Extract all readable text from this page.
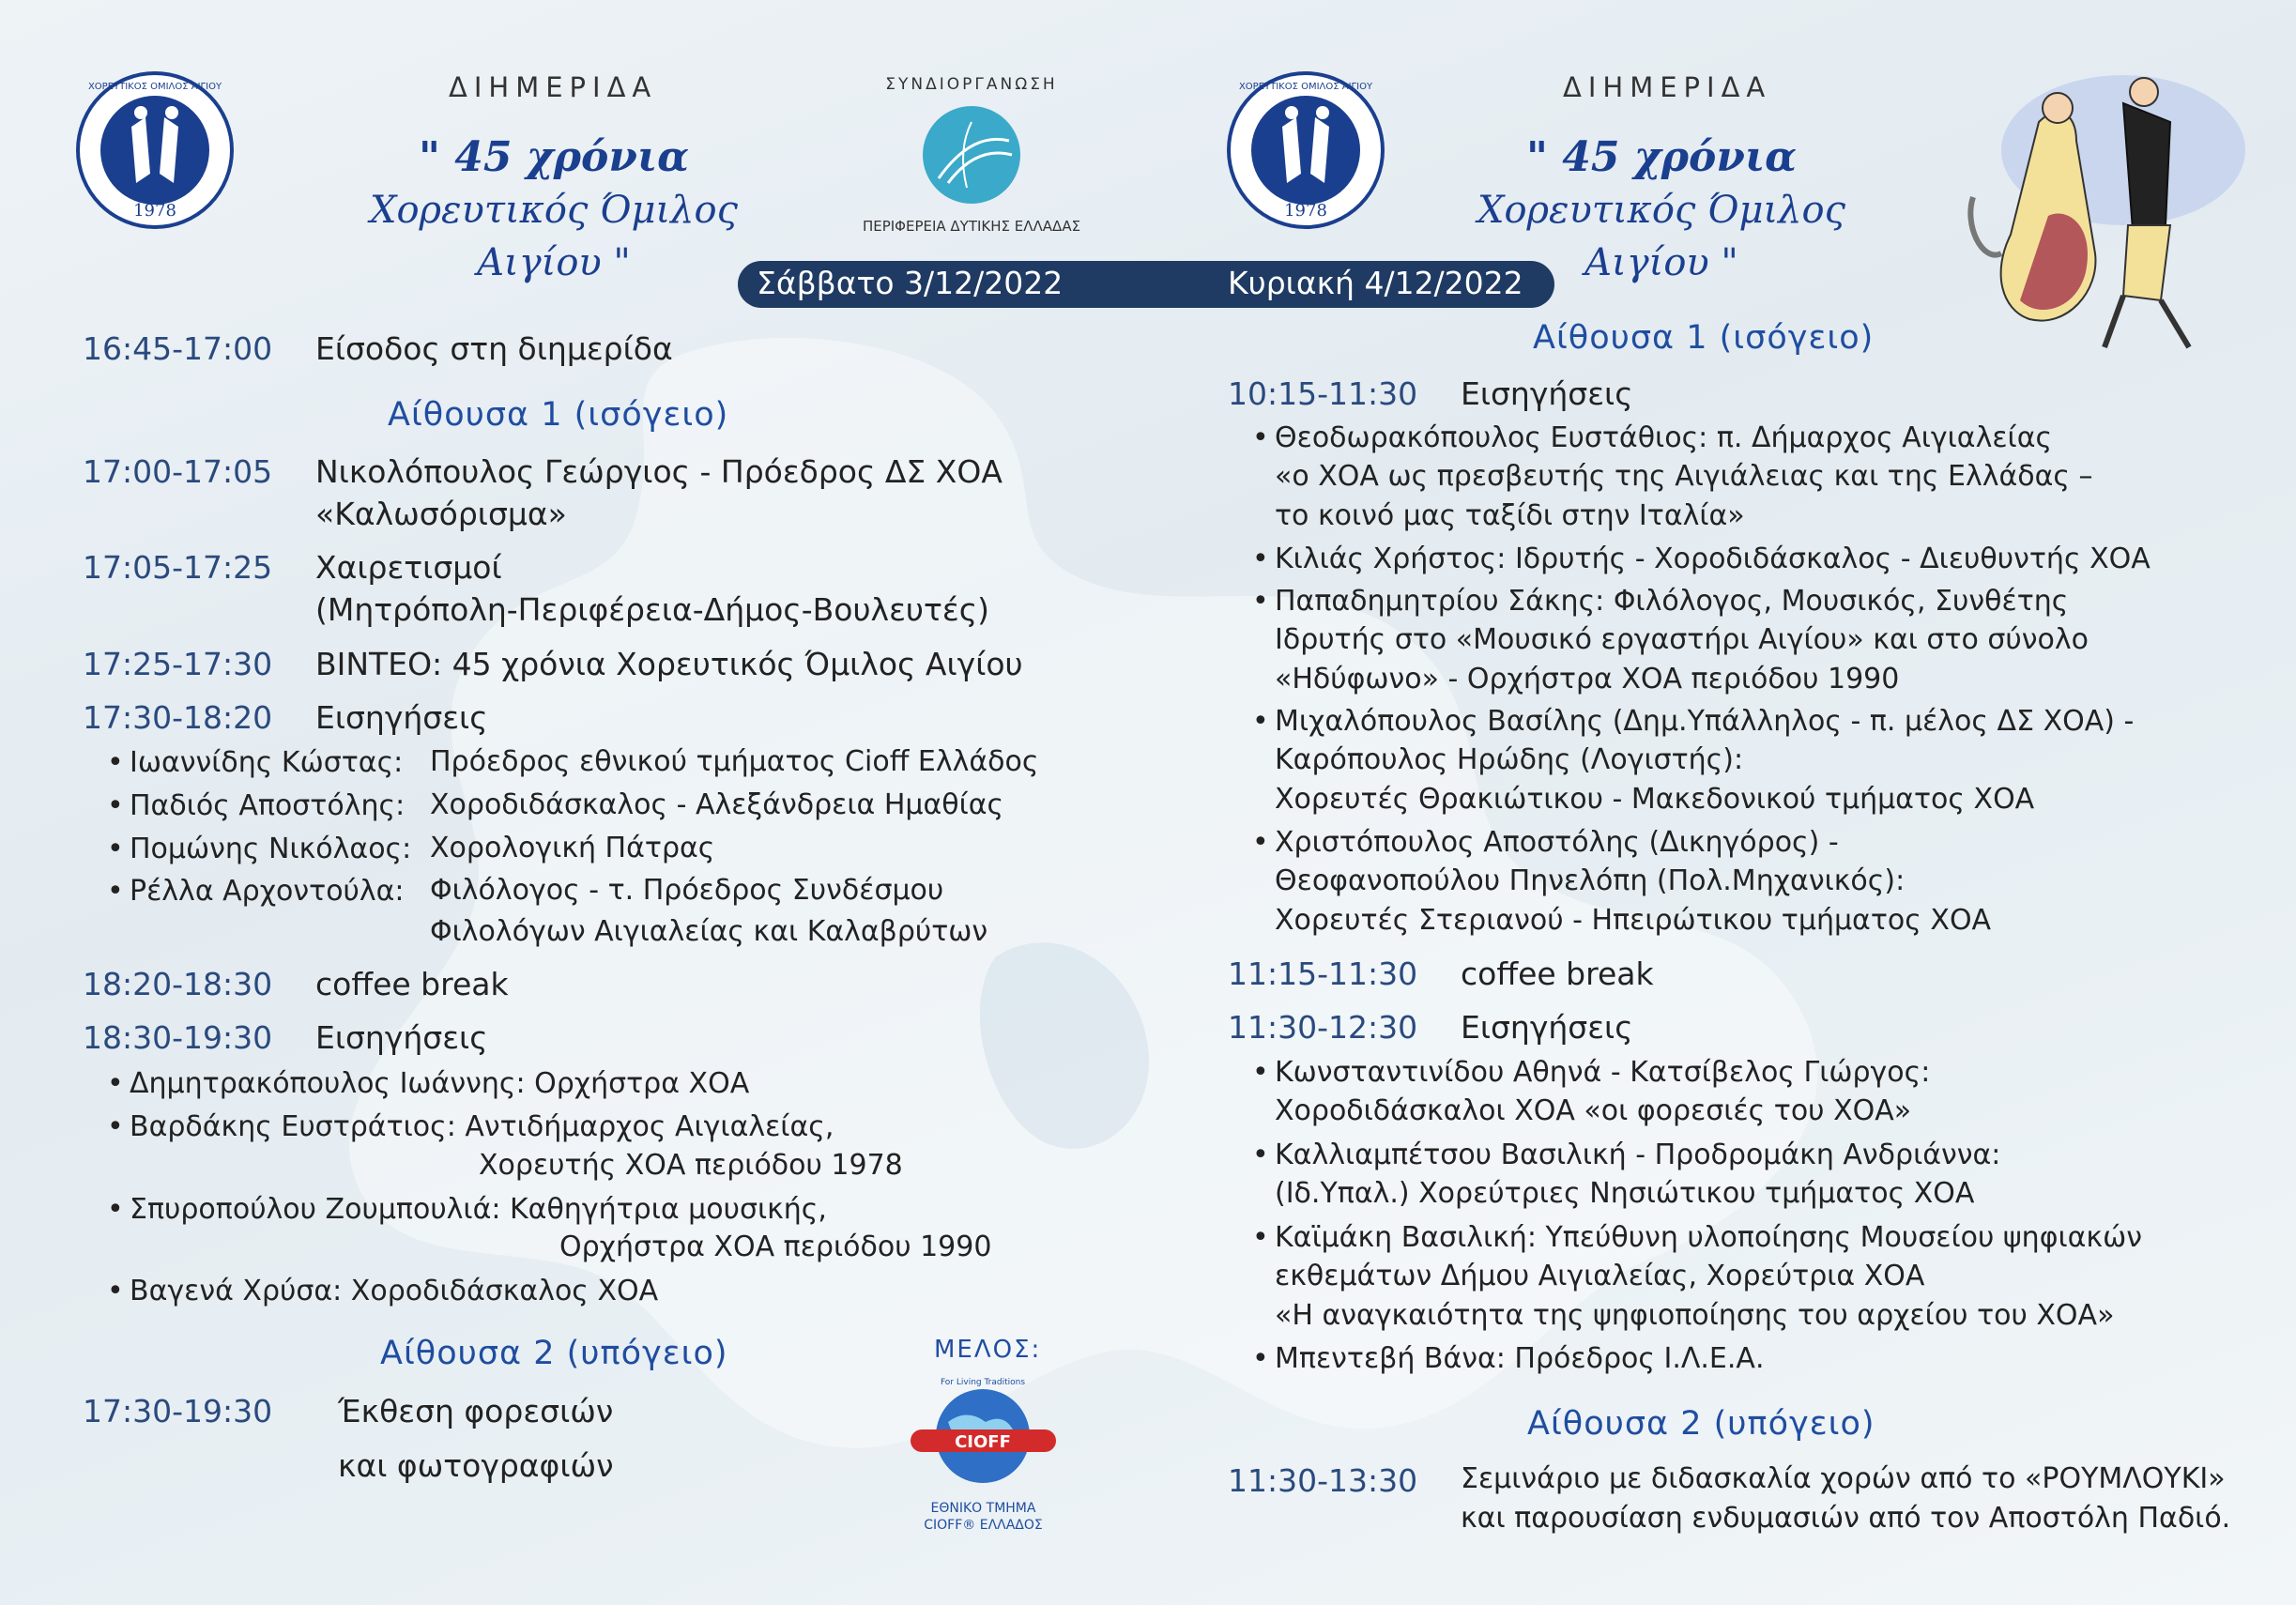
1978
ΧΟΡΕΥΤΙΚΟΣ ΟΜΙΛΟΣ ΑΙΓΙΟΥ	ΔΙΗΜΕΡΙΔΑ
" 45 χρόνια
Χορευτικός Όμιλος Αιγίου "
ΣΥΝΔΙΟΡΓΑΝΩΣΗ
ΠΕΡΙΦΕΡΕΙΑ ΔΥΤΙΚΗΣ ΕΛΛΑΔΑΣ
1978
ΧΟΡΕΥΤΙΚΟΣ ΟΜΙΛΟΣ ΑΙΓΙΟΥ	ΔΙΗΜΕΡΙΔΑ
" 45 χρόνια
Χορευτικός Όμιλος Αιγίου "
Σάββατο 3/12/2022	Κυριακή 4/12/2022
16:45-17:00 Είσοδος στη διημερίδα
Αίθουσα 1 (ισόγειο)
17:00-17:05 Νικολόπουλος Γεώργιος - Πρόεδρος ΔΣ ΧΟΑ
«Καλωσόρισμα»
17:05-17:25 Χαιρετισμοί
(Μητρόπολη-Περιφέρεια-Δήμος-Βουλευτές)
17:25-17:30 ΒΙΝΤΕΟ: 45 χρόνια Χορευτικός Όμιλος Αιγίου
17:30-18:20 Εισηγήσεις
• Ιωαννίδης Κώστας: Πρόεδρος εθνικού τμήματος Cioff Ελλάδος
• Παδιός Αποστόλης: Χοροδιδάσκαλος - Αλεξάνδρεια Ημαθίας
• Πομώνης Νικόλαος: Χορολογική Πάτρας
• Ρέλλα Αρχοντούλα: Φιλόλογος - τ. Πρόεδρος Συνδέσμου
Φιλολόγων Αιγιαλείας και Καλαβρύτων
18:20-18:30 coffee break
18:30-19:30 Εισηγήσεις
• Δημητρακόπουλος Ιωάννης: Ορχήστρα ΧΟΑ
• Βαρδάκης Ευστράτιος: Αντιδήμαρχος Αιγιαλείας,
Χορευτής ΧΟΑ περιόδου 1978
• Σπυροπούλου Ζουμπουλιά: Καθηγήτρια μουσικής,
Ορχήστρα ΧΟΑ περιόδου 1990
• Βαγενά Χρύσα: Χοροδιδάσκαλος ΧΟΑ
Αίθουσα 2 (υπόγειο)
17:30-19:30 Έκθεση φορεσιών
και φωτογραφιών
ΜΕΛΟΣ:
For Living Traditions
CIOFF
ΕΘΝΙΚΟ ΤΜΗΜΑ
CIOFF® ΕΛΛΑΔΟΣ
Αίθουσα 1 (ισόγειο)
10:15-11:30 Εισηγήσεις
• Θεοδωρακόπουλος Ευστάθιος: π. Δήμαρχος Αιγιαλείας
«ο ΧΟΑ ως πρεσβευτής της Αιγιάλειας και της Ελλάδας –
το κοινό μας ταξίδι στην Ιταλία»
• Κιλιάς Χρήστος: Ιδρυτής - Χοροδιδάσκαλος - Διευθυντής ΧΟΑ
• Παπαδημητρίου Σάκης: Φιλόλογος, Μουσικός, Συνθέτης
Ιδρυτής στο «Μουσικό εργαστήρι Αιγίου» και στο σύνολο
«Ηδύφωνο» - Ορχήστρα ΧΟΑ περιόδου 1990
• Μιχαλόπουλος Βασίλης (Δημ.Υπάλληλος - π. μέλος ΔΣ ΧΟΑ) -
Καρόπουλος Ηρώδης (Λογιστής):
Χορευτές Θρακιώτικου - Μακεδονικού τμήματος ΧΟΑ
• Χριστόπουλος Αποστόλης (Δικηγόρος) -
Θεοφανοπούλου Πηνελόπη (Πολ.Μηχανικός):
Χορευτές Στεριανού - Ηπειρώτικου τμήματος ΧΟΑ
11:15-11:30 coffee break
11:30-12:30 Εισηγήσεις
• Κωνσταντινίδου Αθηνά - Κατσίβελος Γιώργος:
Χοροδιδάσκαλοι ΧΟΑ «οι φορεσιές του ΧΟΑ»
• Καλλιαμπέτσου Βασιλική - Προδρομάκη Ανδριάννα:
(Ιδ.Υπαλ.) Χορεύτριες Νησιώτικου τμήματος ΧΟΑ
• Καϊμάκη Βασιλική: Υπεύθυνη υλοποίησης Μουσείου ψηφιακών
εκθεμάτων Δήμου Αιγιαλείας, Χορεύτρια ΧΟΑ
«Η αναγκαιότητα της ψηφιοποίησης του αρχείου του ΧΟΑ»
• Μπεντεβή Βάνα: Πρόεδρος Ι.Λ.Ε.Α.
Αίθουσα 2 (υπόγειο)
11:30-13:30 Σεμινάριο με διδασκαλία χορών από το «ΡΟΥΜΛΟΥΚΙ»
και παρουσίαση ενδυμασιών από τον Αποστόλη Παδιό.
